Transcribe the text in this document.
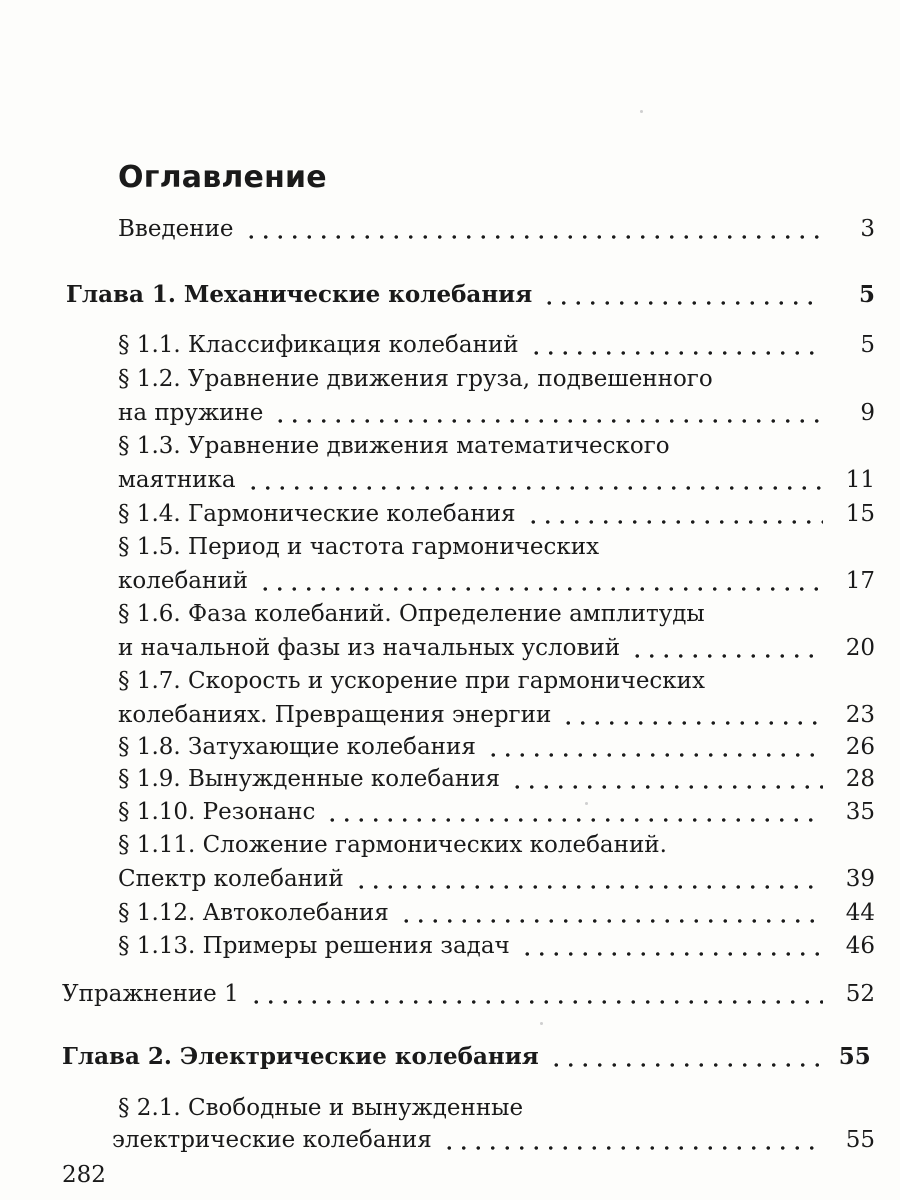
Оглавление
Введение	3
Глава 1. Механические колебания	5
§ 1.1. Классификация колебаний	5
§ 1.2. Уравнение движения груза, подвешенного
на пружине	9
§ 1.3. Уравнение движения математического
маятника	11
§ 1.4. Гармонические колебания	15
§ 1.5. Период и частота гармонических
колебаний	17
§ 1.6. Фаза колебаний. Определение амплитуды
и начальной фазы из начальных условий	20
§ 1.7. Скорость и ускорение при гармонических
колебаниях. Превращения энергии	23
§ 1.8. Затухающие колебания	26
§ 1.9. Вынужденные колебания	28
§ 1.10. Резонанс	35
§ 1.11. Сложение гармонических колебаний.
Спектр колебаний	39
§ 1.12. Автоколебания	44
§ 1.13. Примеры решения задач	46
Упражнение 1	52
Глава 2. Электрические колебания	55
§ 2.1. Свободные и вынужденные
электрические колебания	55
282
